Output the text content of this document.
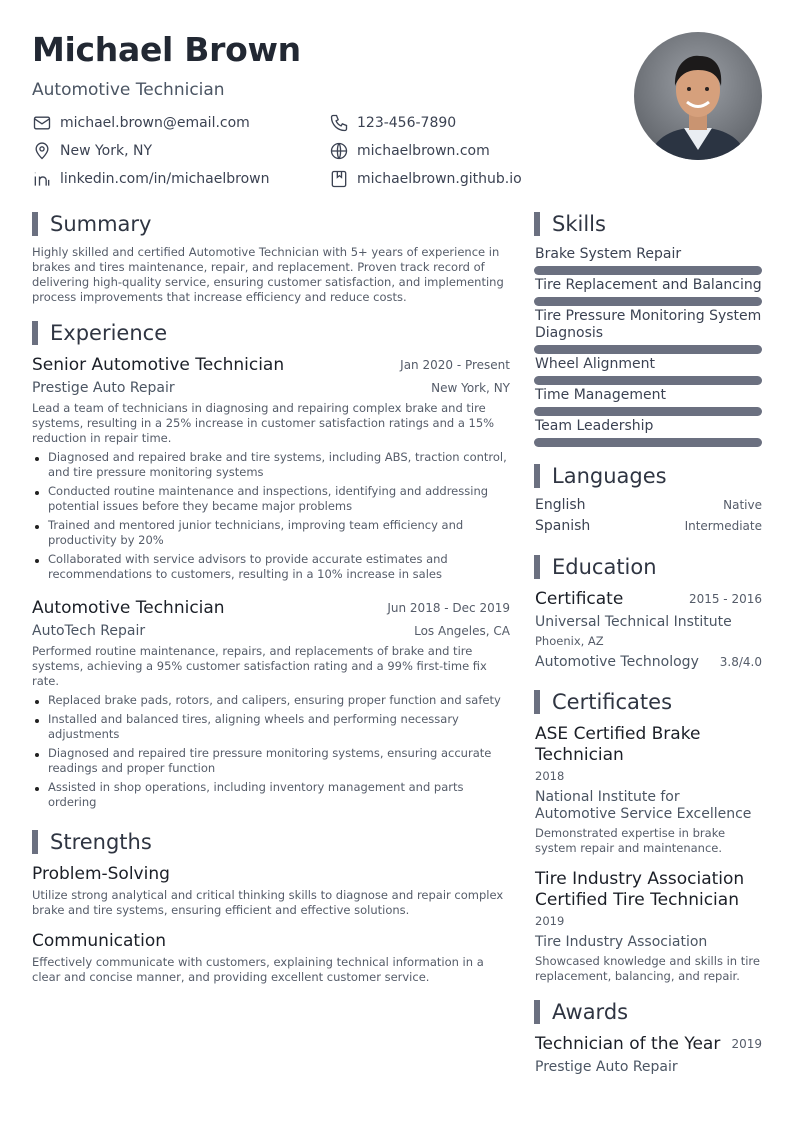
Michael Brown
Automotive Technician
michael.brown@email.com	123-456-7890
New York, NY	michaelbrown.com
linkedin.com/in/michaelbrown	michaelbrown.github.io
Summary
Highly skilled and certified Automotive Technician with 5+ years of experience in brakes and tires maintenance, repair, and replacement. Proven track record of delivering high-quality service, ensuring customer satisfaction, and implementing process improvements that increase efficiency and reduce costs.
Experience
Senior Automotive Technician	Jan 2020 - Present
Prestige Auto Repair	New York, NY
Lead a team of technicians in diagnosing and repairing complex brake and tire systems, resulting in a 25% increase in customer satisfaction ratings and a 15% reduction in repair time.
Diagnosed and repaired brake and tire systems, including ABS, traction control, and tire pressure monitoring systems
Conducted routine maintenance and inspections, identifying and addressing potential issues before they became major problems
Trained and mentored junior technicians, improving team efficiency and productivity by 20%
Collaborated with service advisors to provide accurate estimates and recommendations to customers, resulting in a 10% increase in sales
Automotive Technician	Jun 2018 - Dec 2019
AutoTech Repair	Los Angeles, CA
Performed routine maintenance, repairs, and replacements of brake and tire systems, achieving a 95% customer satisfaction rating and a 99% first-time fix rate.
Replaced brake pads, rotors, and calipers, ensuring proper function and safety
Installed and balanced tires, aligning wheels and performing necessary adjustments
Diagnosed and repaired tire pressure monitoring systems, ensuring accurate readings and proper function
Assisted in shop operations, including inventory management and parts ordering
Strengths
Problem-Solving
Utilize strong analytical and critical thinking skills to diagnose and repair complex brake and tire systems, ensuring efficient and effective solutions.
Communication
Effectively communicate with customers, explaining technical information in a clear and concise manner, and providing excellent customer service.
Skills
Brake System Repair
Tire Replacement and Balancing
Tire Pressure Monitoring System Diagnosis
Wheel Alignment
Time Management
Team Leadership
Languages
English	Native
Spanish	Intermediate
Education
Certificate	2015 - 2016
Universal Technical Institute
Phoenix, AZ
Automotive Technology	3.8/4.0
Certificates
ASE Certified Brake Technician
2018
National Institute for Automotive Service Excellence
Demonstrated expertise in brake system repair and maintenance.
Tire Industry Association Certified Tire Technician
2019
Tire Industry Association
Showcased knowledge and skills in tire replacement, balancing, and repair.
Awards
Technician of the Year 2019
Prestige Auto Repair
